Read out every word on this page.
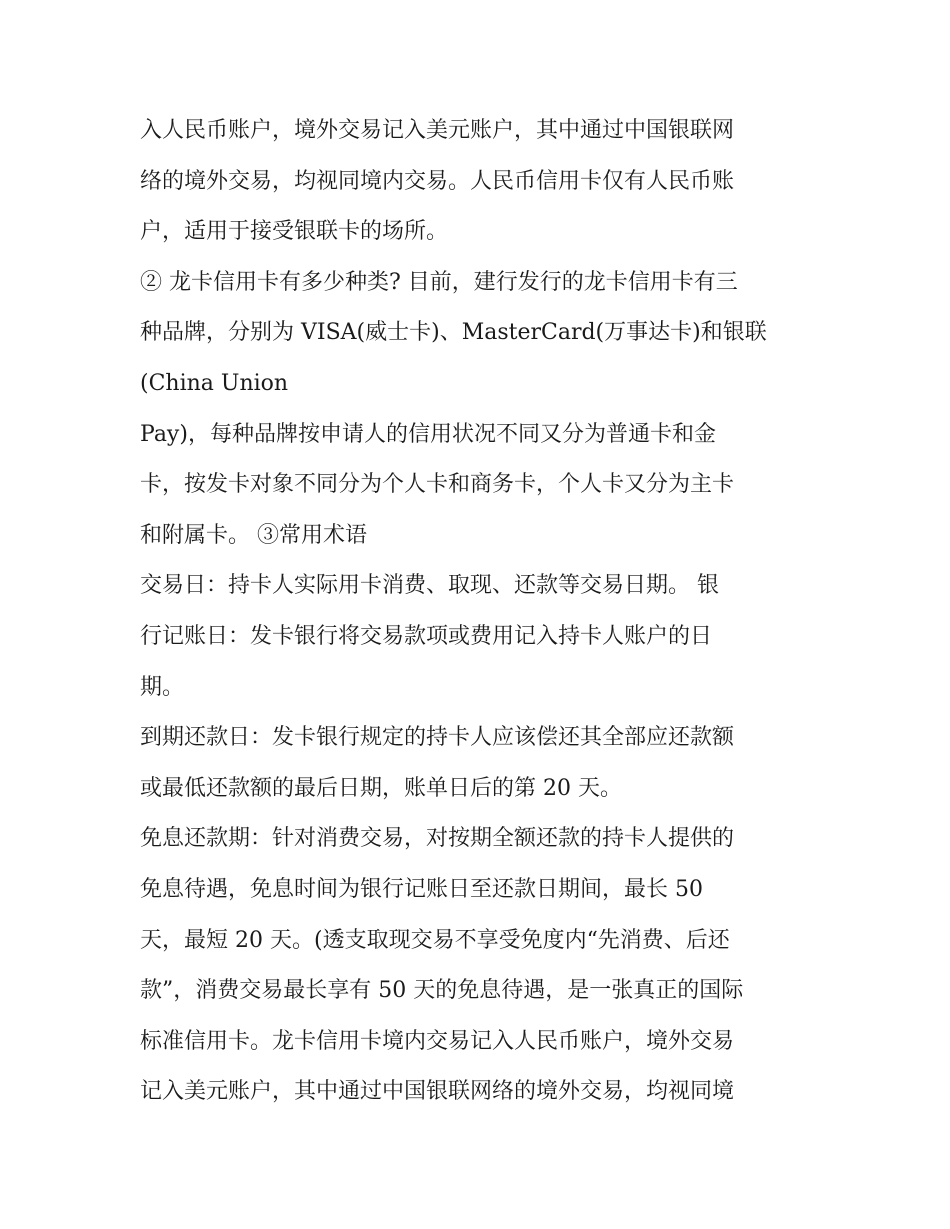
入人民币账户，境外交易记入美元账户，其中通过中国银联网
络的境外交易，均视同境内交易。人民币信用卡仅有人民币账
户，适用于接受银联卡的场所。
② 龙卡信用卡有多少种类? 目前，建行发行的龙卡信用卡有三
种品牌，分别为 VISA(威士卡)、MasterCard(万事达卡)和银联
(China Union
Pay)，每种品牌按申请人的信用状况不同又分为普通卡和金
卡，按发卡对象不同分为个人卡和商务卡，个人卡又分为主卡
和附属卡。 ③常用术语
交易日：持卡人实际用卡消费、取现、还款等交易日期。 银
行记账日：发卡银行将交易款项或费用记入持卡人账户的日
期。
到期还款日：发卡银行规定的持卡人应该偿还其全部应还款额
或最低还款额的最后日期，账单日后的第 20 天。
免息还款期：针对消费交易，对按期全额还款的持卡人提供的
免息待遇，免息时间为银行记账日至还款日期间，最长 50
天，最短 20 天。(透支取现交易不享受免度内“先消费、后还
款”，消费交易最长享有 50 天的免息待遇，是一张真正的国际
标准信用卡。龙卡信用卡境内交易记入人民币账户，境外交易
记入美元账户，其中通过中国银联网络的境外交易，均视同境
